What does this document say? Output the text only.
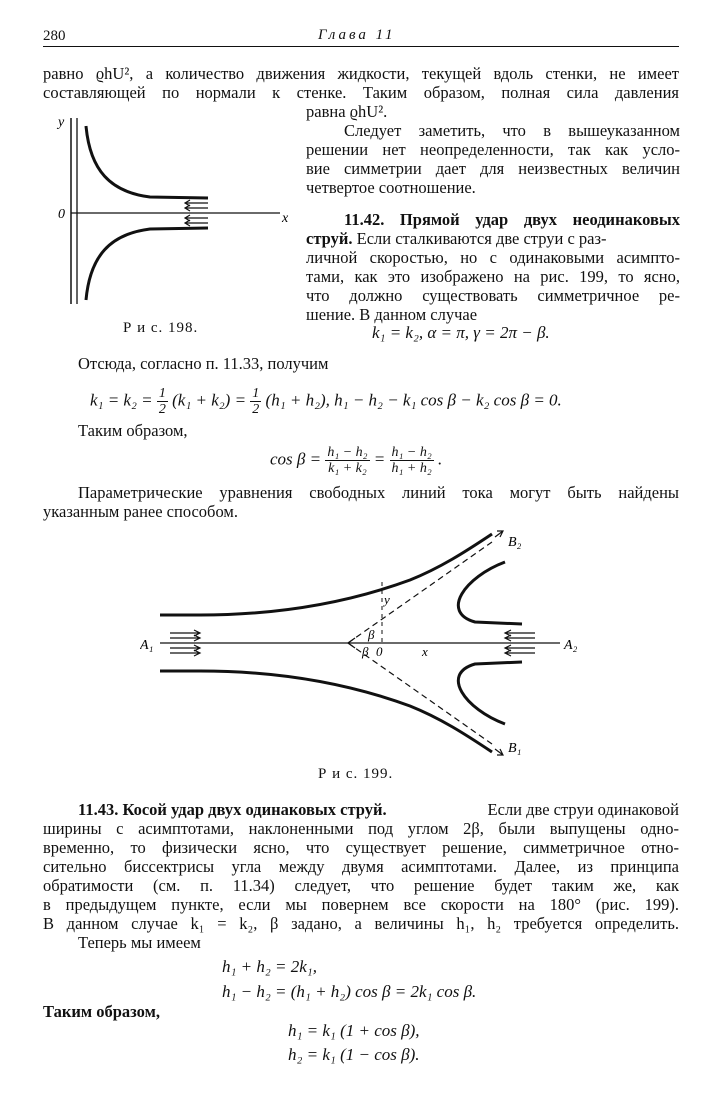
280	Глава 11
равно ϱhU², а количество движения жидкости, текущей вдоль стенки, не имеет
составляющей по нормали к стенке. Таким образом, полная сила давления
равна ϱhU².
Следует заметить, что в вышеуказанном
решении нет неопределенности, так как усло-
вие симметрии дает для неизвестных величин
четвертое соотношение.
11.42. Прямой удар двух неодинаковых
струй. Если сталкиваются две струи с раз-
личной скоростью, но с одинаковыми асимпто-
тами, как это изображено на рис. 199, то ясно,
что должно существовать симметричное ре-
шение. В данном случае
y
0	x
Р и с. 198.	k₁ = k₂, α = π, γ = 2π − β.
Отсюда, согласно п. 11.33, получим
$k_1 = k_2 = \frac{1}{2} (k_1 + k_2) = \frac{1}{2} (h_1 + h_2)$, h₁ − h₂ − k₁ cos β − k₂ cos β = 0.
Таким образом,
$\cos \beta = \frac{\text{h₁ − h₂}}{\text{k₁ + k₂}} = \frac{\text{h₁ − h₂}}{\text{h₁ + h₂}}$ .
Параметрические уравнения свободных линий тока могут быть найдены
указанным ранее способом.
A₁	A₂
B₂
B₁
y
x
0
β
β
Р и с. 199.
11.43. Косой удар двух одинаковых струй.	Если две струи одинаковой
ширины с асимптотами, наклоненными под углом 2β, были выпущены одно-
временно, то физически ясно, что существует решение, симметричное отно-
сительно биссектрисы угла между двумя асимптотами. Далее, из принципа
обратимости (см. п. 11.34) следует, что решение будет таким же, как
в предыдущем пункте, если мы повернем все скорости на 180° (рис. 199).
В данном случае k₁ = k₂, β задано, а величины h₁, h₂ требуется определить.
Теперь мы имеем
h₁ + h₂ = 2k₁,
h₁ − h₂ = (h₁ + h₂) cos β = 2k₁ cos β.
Таким образом,
h₁ = k₁ (1 + cos β),
h₂ = k₁ (1 − cos β).
